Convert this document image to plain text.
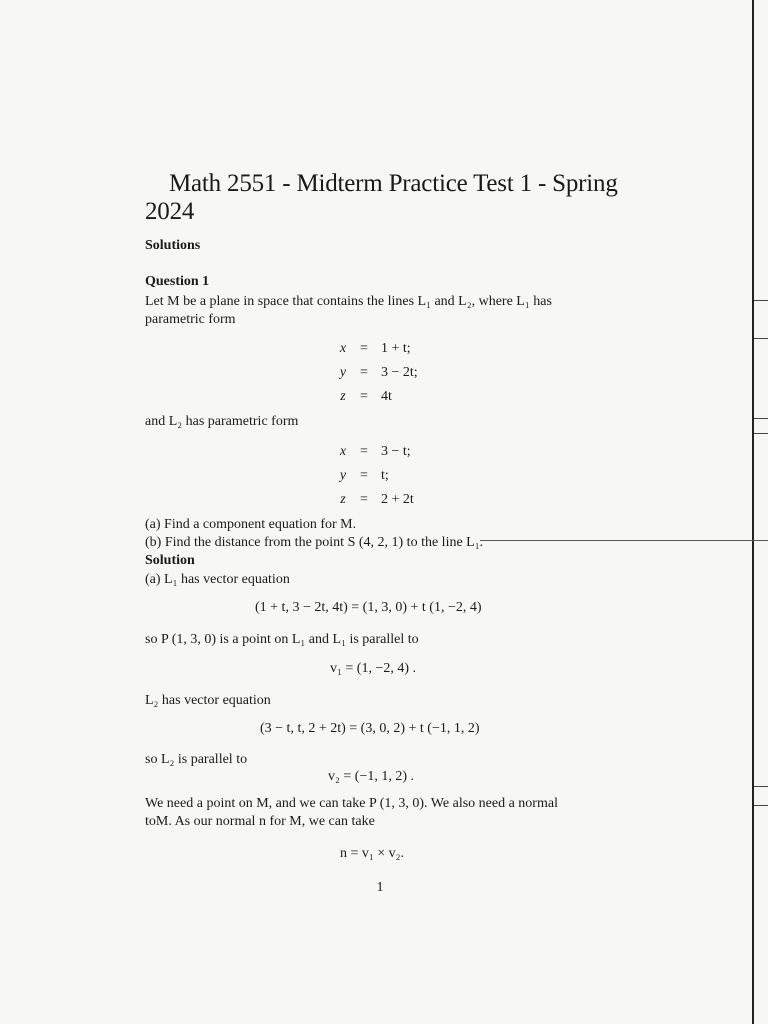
Math 2551 - Midterm Practice Test 1 - Spring
2024
Solutions
Question 1
Let M be a plane in space that contains the lines L₁ and L₂, where L₁ has
parametric form
x = 1 + t;
y = 3 − 2t;
z	= 4t
and L₂ has parametric form
x = 3 − t;
y = t;
z	= 2 + 2t
(a) Find a component equation for M.
(b) Find the distance from the point S (4, 2, 1) to the line L₁.
Solution
(a) L₁ has vector equation
(1 + t, 3 − 2t, 4t) = (1, 3, 0) + t (1, −2, 4)
so P (1, 3, 0) is a point on L₁ and L₁ is parallel to
v₁ = (1, −2, 4) .
L₂ has vector equation
(3 − t, t, 2 + 2t) = (3, 0, 2) + t (−1, 1, 2)
so L₂ is parallel to
v₂ = (−1, 1, 2) .
We need a point on M, and we can take P (1, 3, 0). We also need a normal
toM. As our normal n for M, we can take
n = v₁ × v₂.
1
